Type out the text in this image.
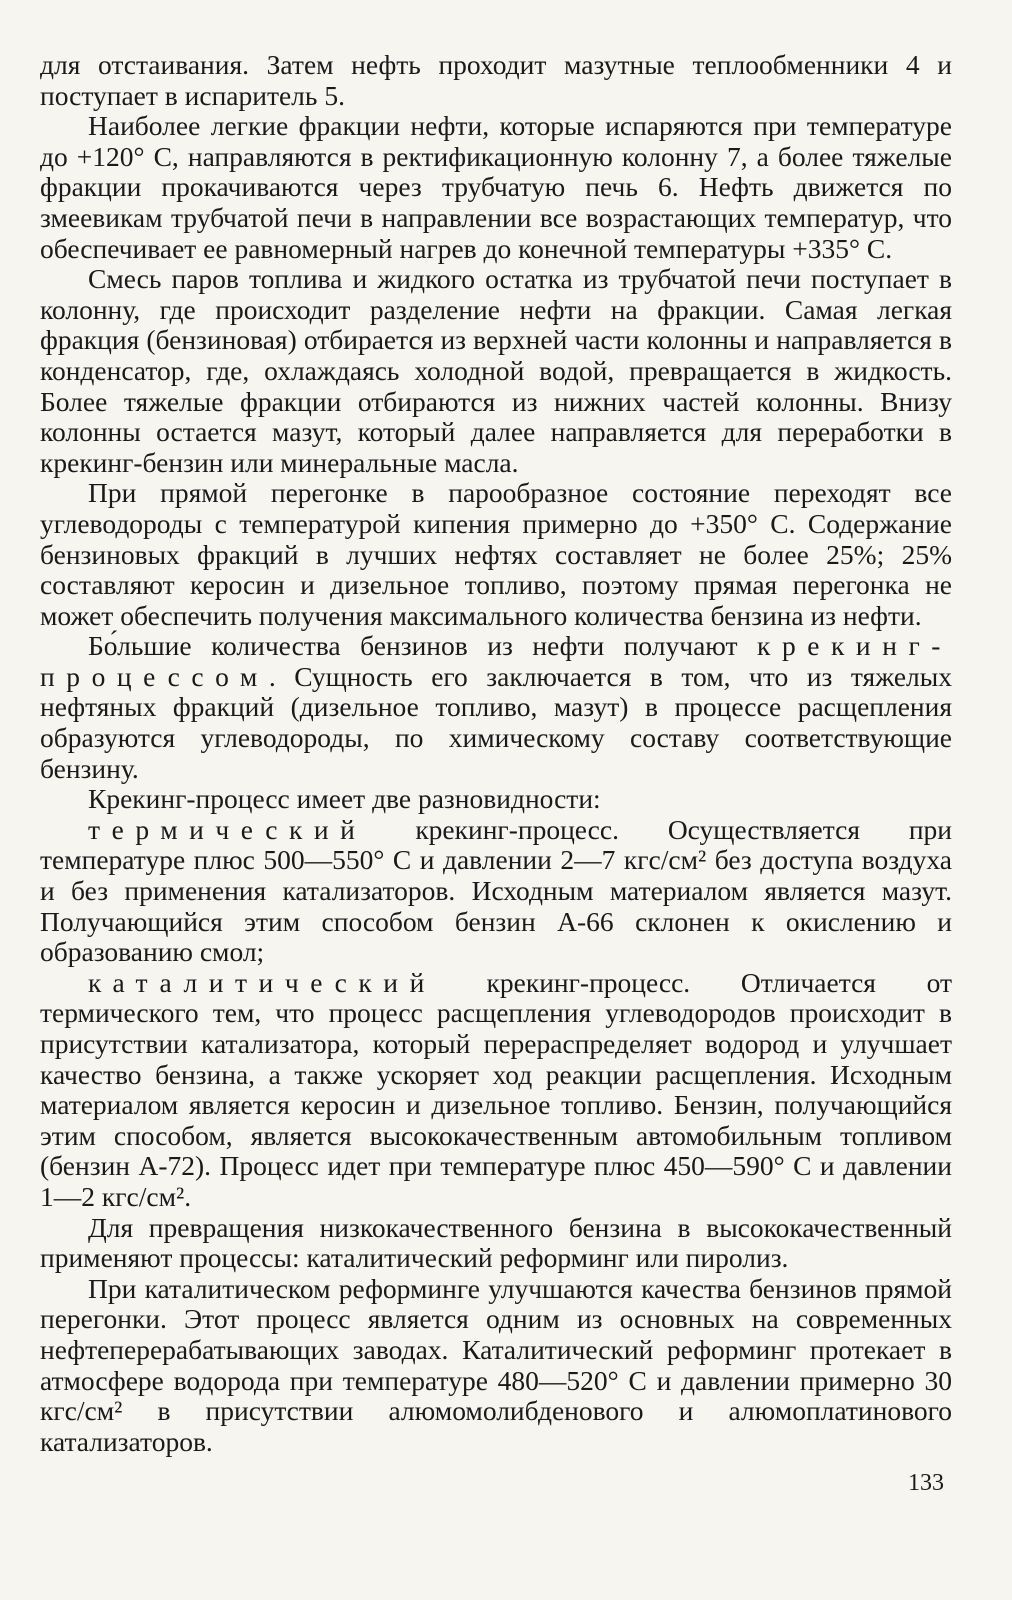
для отстаивания. Затем нефть проходит мазутные теплообменники 4 и поступает в испаритель 5.

Наиболее легкие фракции нефти, которые испаряются при температуре до +120° С, направляются в ректификационную колонну 7, а более тяжелые фракции прокачиваются через трубчатую печь 6. Нефть движется по змеевикам трубчатой печи в направлении все возрастающих температур, что обеспечивает ее равномерный нагрев до конечной температуры +335° С.

Смесь паров топлива и жидкого остатка из трубчатой печи поступает в колонну, где происходит разделение нефти на фракции. Самая легкая фракция (бензиновая) отбирается из верхней части колонны и направляется в конденсатор, где, охлаждаясь холодной водой, превращается в жидкость. Более тяжелые фракции отбираются из нижних частей колонны. Внизу колонны остается мазут, который далее направляется для переработки в крекинг-бензин или минеральные масла.

При прямой перегонке в парообразное состояние переходят все углеводороды с температурой кипения примерно до +350° С. Содержание бензиновых фракций в лучших нефтях составляет не более 25%; 25% составляют керосин и дизельное топливо, поэтому прямая перегонка не может обеспечить получения максимального количества бензина из нефти.

Бо́льшие количества бензинов из нефти получают крекинг-процессом. Сущность его заключается в том, что из тяжелых нефтяных фракций (дизельное топливо, мазут) в процессе расщепления образуются углеводороды, по химическому составу соответствующие бензину.

Крекинг-процесс имеет две разновидности:

термический крекинг-процесс. Осуществляется при температуре плюс 500—550° С и давлении 2—7 кгс/см² без доступа воздуха и без применения катализаторов. Исходным материалом является мазут. Получающийся этим способом бензин А-66 склонен к окислению и образованию смол;

каталитический крекинг-процесс. Отличается от термического тем, что процесс расщепления углеводородов происходит в присутствии катализатора, который перераспределяет водород и улучшает качество бензина, а также ускоряет ход реакции расщепления. Исходным материалом является керосин и дизельное топливо. Бензин, получающийся этим способом, является высококачественным автомобильным топливом (бензин А-72). Процесс идет при температуре плюс 450—590° С и давлении 1—2 кгс/см².

Для превращения низкокачественного бензина в высококачественный применяют процессы: каталитический реформинг или пиролиз.

При каталитическом реформинге улучшаются качества бензинов прямой перегонки. Этот процесс является одним из основных на современных нефтеперерабатывающих заводах. Каталитический реформинг протекает в атмосфере водорода при температуре 480—520° С и давлении примерно 30 кгс/см² в присутствии алюмомолибденового и алюмоплатинового катализаторов.

133
